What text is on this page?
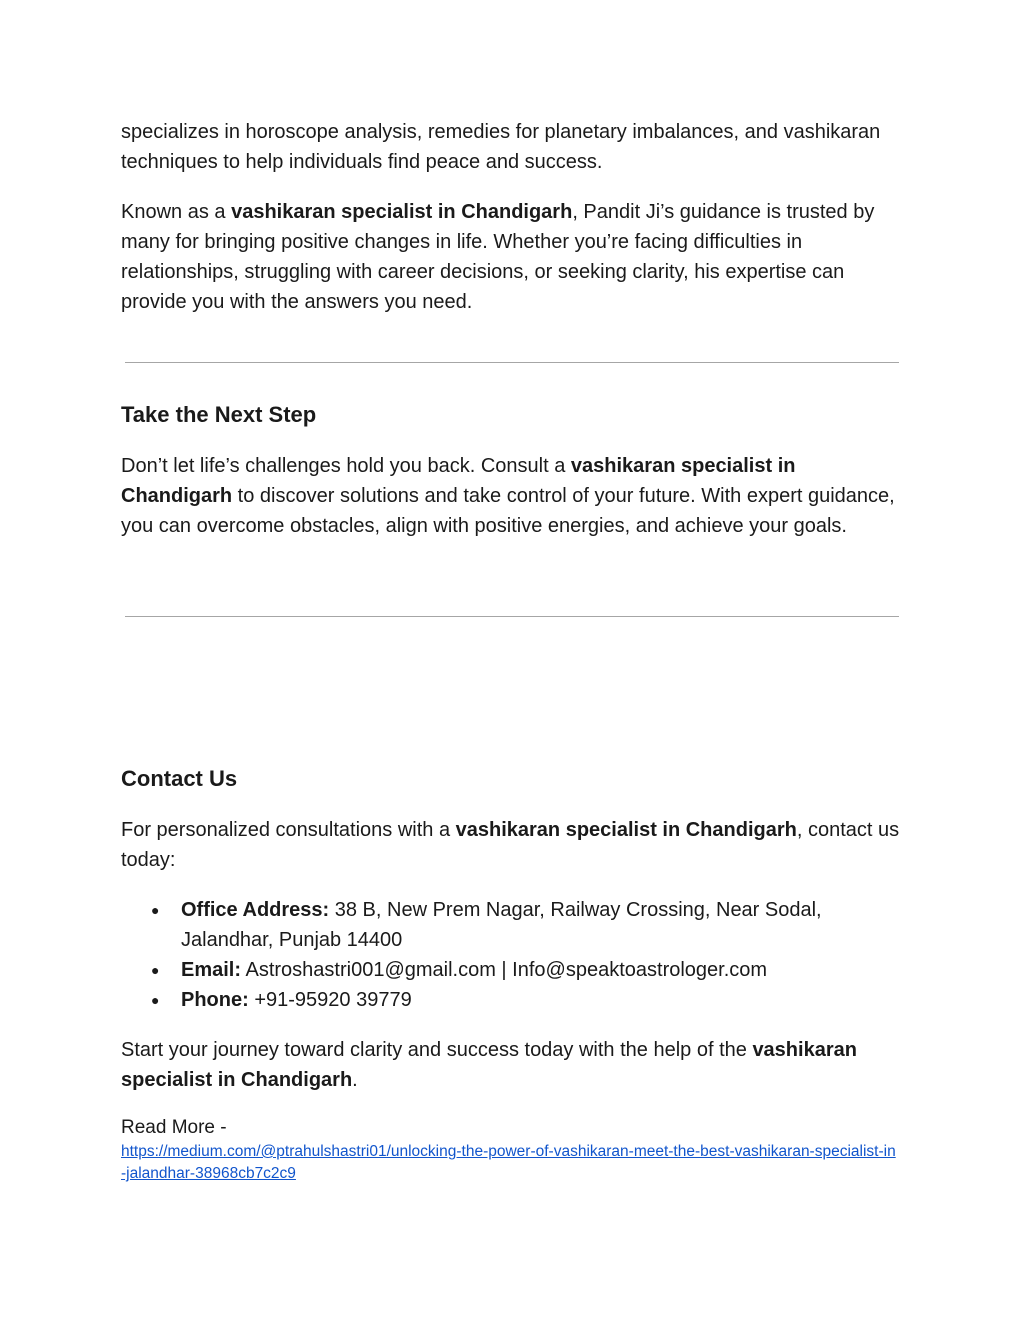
specializes in horoscope analysis, remedies for planetary imbalances, and vashikaran techniques to help individuals find peace and success.

Known as a vashikaran specialist in Chandigarh, Pandit Ji’s guidance is trusted by many for bringing positive changes in life. Whether you’re facing difficulties in relationships, struggling with career decisions, or seeking clarity, his expertise can provide you with the answers you need.

Take the Next Step

Don’t let life’s challenges hold you back. Consult a vashikaran specialist in Chandigarh to discover solutions and take control of your future. With expert guidance, you can overcome obstacles, align with positive energies, and achieve your goals.

Contact Us

For personalized consultations with a vashikaran specialist in Chandigarh, contact us today:

● Office Address: 38 B, New Prem Nagar, Railway Crossing, Near Sodal, Jalandhar, Punjab 14400
● Email: Astroshastri001@gmail.com | Info@speaktoastrologer.com
● Phone: +91-95920 39779

Start your journey toward clarity and success today with the help of the vashikaran specialist in Chandigarh.

Read More -
https://medium.com/@ptrahulshastri01/unlocking-the-power-of-vashikaran-meet-the-best-vashikaran-specialist-in-jalandhar-38968cb7c2c9
